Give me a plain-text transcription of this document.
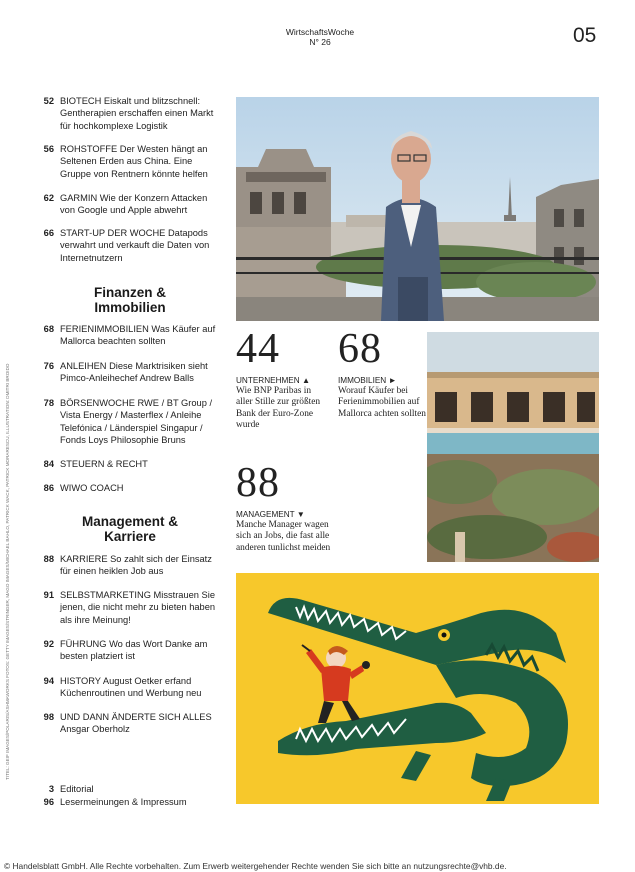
WirtschaftsWoche
N° 26	05
52 BIOTECH Eiskalt und blitzschnell: Gentherapien erschaffen einen Markt für hochkomplexe Logistik
56 ROHSTOFFE Der Westen hängt an Seltenen Erden aus China. Eine Gruppe von Rentnern könnte helfen
62 GARMIN Wie der Konzern Attacken von Google und Apple abwehrt
66 START-UP DER WOCHE Datapods verwahrt und verkauft die Daten von Internetnutzern
Finanzen &
Immobilien
68 FERIENIMMOBILIEN Was Käufer auf Mallorca beachten sollten
76 ANLEIHEN Diese Marktrisiken sieht Pimco-Anleihechef Andrew Balls
78 BÖRSENWOCHE RWE / BT Group / Vista Energy / Masterflex / Anleihe Telefónica / Länderspiel Singapur / Fonds Loys Philosophie Bruns
84 STEUERN & RECHT
86 WIWO COACH
Management &
Karriere
88 KARRIERE So zahlt sich der Einsatz für einen heiklen Job aus
91 SELBSTMARKETING Misstrauen Sie jenen, die nicht mehr zu bieten haben als ihre Meinung!
92 FÜHRUNG Wo das Wort Danke am besten platziert ist
94 HISTORY August Oetker erfand Küchenroutinen und Werbung neu
98 UND DANN ÄNDERTE SICH ALLES Ansgar Oberholz
3 Editorial
96 Lesermeinungen & Impressum
TITEL: GEIF IMAGES/POLARIS/ASHMAWORKS FOTOS: GETTY IMAGES/STRINGER, MAGO IMAGES/MICHAEL BAHLO, PATRICK WACK, PATRICK MORARESCU, ILLUSTRATION: DMITRI BROIDO
44
UNTERNEHMEN ▲
Wie BNP Paribas in aller Stille zur größten Bank der Euro-Zone wurde
68
IMMOBILIEN ►
Worauf Käufer bei Ferienimmobilien auf Mallorca achten sollten
88
MANAGEMENT ▼
Manche Manager wagen sich an Jobs, die fast alle anderen tunlichst meiden
© Handelsblatt GmbH. Alle Rechte vorbehalten. Zum Erwerb weitergehender Rechte wenden Sie sich bitte an nutzungsrechte@vhb.de.
